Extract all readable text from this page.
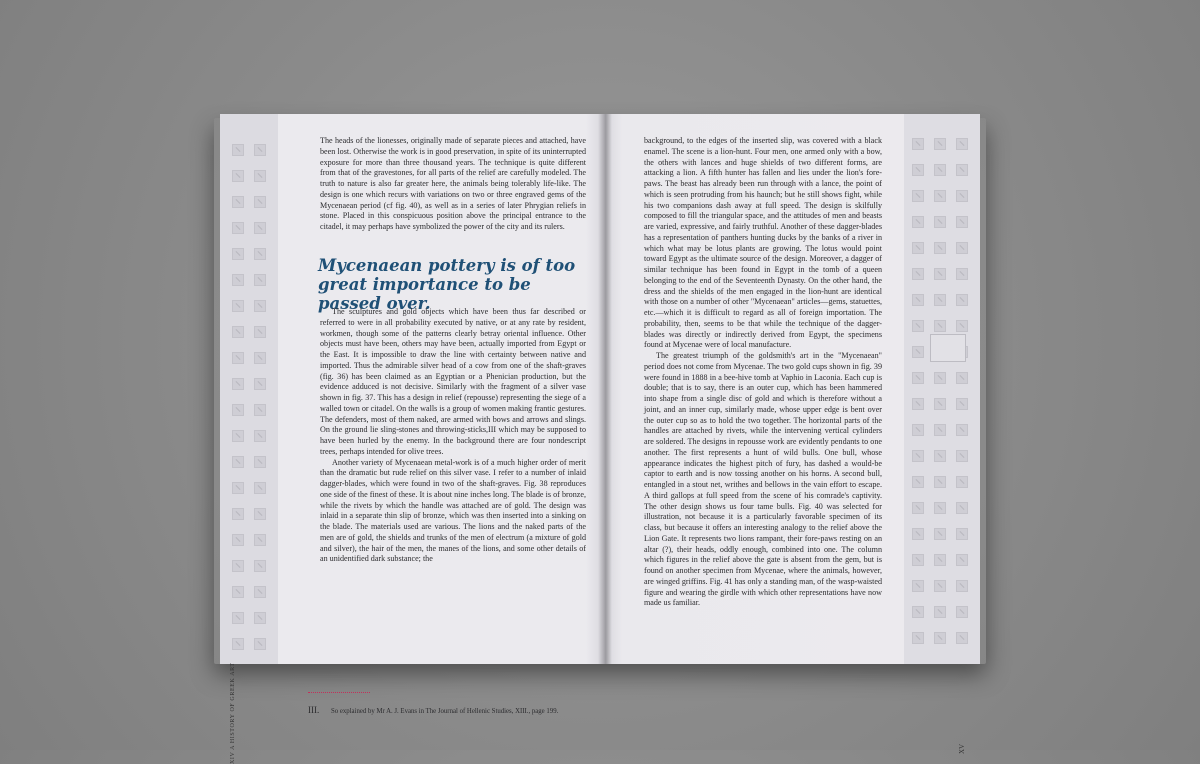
The heads of the lionesses, originally made of separate pieces and attached, have been lost. Otherwise the work is in good preservation, in spite of its uninterrupted exposure for more than three thousand years. The technique is quite different from that of the gravestones, for all parts of the relief are carefully modeled. The truth to nature is also far greater here, the animals being tolerably life-like. The design is one which recurs with variations on two or three engraved gems of the Mycenaean period (cf fig. 40), as well as in a series of later Phrygian reliefs in stone. Placed in this conspicuous position above the principal entrance to the citadel, it may perhaps have symbolized the power of the city and its rulers.

Mycenaean pottery is of too great importance to be passed over.

The sculptures and gold objects which have been thus far described or referred to were in all probability executed by native, or at any rate by resident, workmen, though some of the patterns clearly betray oriental influence. Other objects must have been, others may have been, actually imported from Egypt or the East. It is impossible to draw the line with certainty between native and imported. Thus the admirable silver head of a cow from one of the shaft-graves (fig. 36) has been claimed as an Egyptian or a Phenician production, but the evidence adduced is not decisive. Similarly with the fragment of a silver vase shown in fig. 37. This has a design in relief (repousse) representing the siege of a walled town or citadel. On the walls is a group of women making frantic gestures. The defenders, most of them naked, are armed with bows and arrows and slings. On the ground lie sling-stones and throwing-sticks,III which may be supposed to have been hurled by the enemy. In the background there are four nondescript trees, perhaps intended for olive trees.

Another variety of Mycenaean metal-work is of a much higher order of merit than the dramatic but rude relief on this silver vase. I refer to a number of inlaid dagger-blades, which were found in two of the shaft-graves. Fig. 38 reproduces one side of the finest of these. It is about nine inches long. The blade is of bronze, while the rivets by which the handle was attached are of gold. The design was inlaid in a separate thin slip of bronze, which was then inserted into a sinking on the blade. The materials used are various. The lions and the naked parts of the men are of gold, the shields and trunks of the men of electrum (a mixture of gold and silver), the hair of the men, the manes of the lions, and some other details of an unidentified dark substance; the

III. So explained by Mr A. J. Evans in The Journal of Hellenic Studies, XIII., page 199.
XIV A HISTORY OF GREEK ART

background, to the edges of the inserted slip, was covered with a black enamel. The scene is a lion-hunt. Four men, one armed only with a bow, the others with lances and huge shields of two different forms, are attacking a lion. A fifth hunter has fallen and lies under the lion's fore-paws. The beast has already been run through with a lance, the point of which is seen protruding from his haunch; but he still shows fight, while his two companions dash away at full speed. The design is skilfully composed to fill the triangular space, and the attitudes of men and beasts are varied, expressive, and fairly truthful. Another of these dagger-blades has a representation of panthers hunting ducks by the banks of a river in which what may be lotus plants are growing. The lotus would point toward Egypt as the ultimate source of the design. Moreover, a dagger of similar technique has been found in Egypt in the tomb of a queen belonging to the end of the Seventeenth Dynasty. On the other hand, the dress and the shields of the men engaged in the lion-hunt are identical with those on a number of other "Mycenaean" articles—gems, statuettes, etc.—which it is difficult to regard as all of foreign importation. The probability, then, seems to be that while the technique of the dagger-blades was directly or indirectly derived from Egypt, the specimens found at Mycenae were of local manufacture.

The greatest triumph of the goldsmith's art in the "Mycenaean" period does not come from Mycenae. The two gold cups shown in fig. 39 were found in 1888 in a bee-hive tomb at Vaphio in Laconia. Each cup is double; that is to say, there is an outer cup, which has been hammered into shape from a single disc of gold and which is therefore without a joint, and an inner cup, similarly made, whose upper edge is bent over the outer cup so as to hold the two together. The horizontal parts of the handles are attached by rivets, while the intervening vertical cylinders are soldered. The designs in repousse work are evidently pendants to one another. The first represents a hunt of wild bulls. One bull, whose appearance indicates the highest pitch of fury, has dashed a would-be captor to earth and is now tossing another on his horns. A second bull, entangled in a stout net, writhes and bellows in the vain effort to escape. A third gallops at full speed from the scene of his comrade's captivity. The other design shows us four tame bulls. Fig. 40 was selected for illustration, not because it is a particularly favorable specimen of its class, but because it offers an interesting analogy to the relief above the Lion Gate. It represents two lions rampant, their fore-paws resting on an altar (?), their heads, oddly enough, combined into one. The column which figures in the relief above the gate is absent from the gem, but is found on another specimen from Mycenae, where the animals, however, are winged griffins. Fig. 41 has only a standing man, of the wasp-waisted figure and wearing the girdle with which other representations have now made us familiar.

XV
